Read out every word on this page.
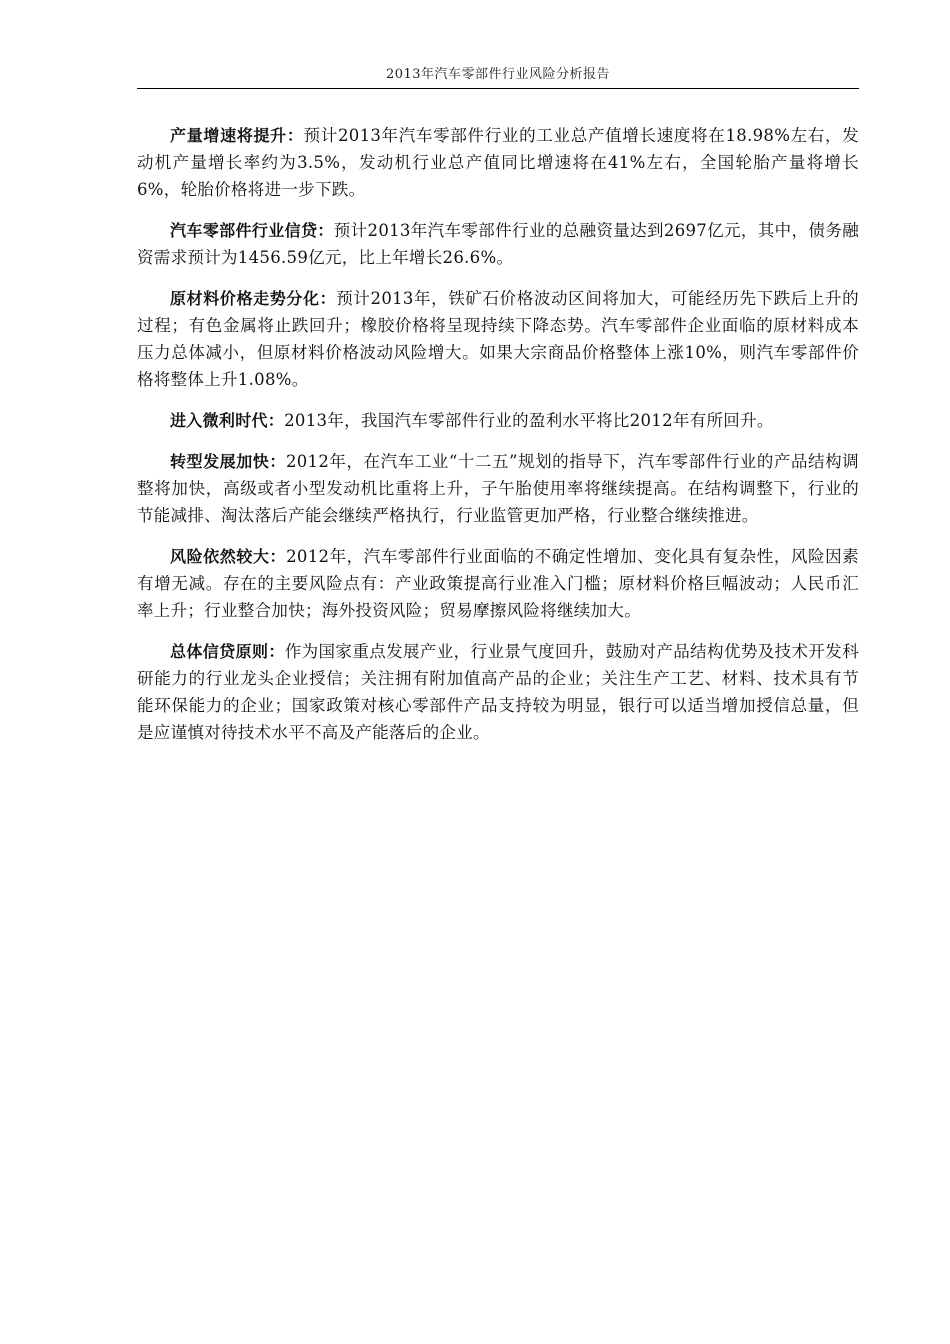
2013年汽车零部件行业风险分析报告

产量增速将提升：预计2013年汽车零部件行业的工业总产值增长速度将在18.98%左右，发动机产量增长率约为3.5%，发动机行业总产值同比增速将在41%左右，全国轮胎产量将增长6%，轮胎价格将进一步下跌。

汽车零部件行业信贷：预计2013年汽车零部件行业的总融资量达到2697亿元，其中，债务融资需求预计为1456.59亿元，比上年增长26.6%。

原材料价格走势分化：预计2013年，铁矿石价格波动区间将加大，可能经历先下跌后上升的过程；有色金属将止跌回升；橡胶价格将呈现持续下降态势。汽车零部件企业面临的原材料成本压力总体减小，但原材料价格波动风险增大。如果大宗商品价格整体上涨10%，则汽车零部件价格将整体上升1.08%。

进入微利时代：2013年，我国汽车零部件行业的盈利水平将比2012年有所回升。

转型发展加快：2012年，在汽车工业“十二五”规划的指导下，汽车零部件行业的产品结构调整将加快，高级或者小型发动机比重将上升，子午胎使用率将继续提高。在结构调整下，行业的节能减排、淘汰落后产能会继续严格执行，行业监管更加严格，行业整合继续推进。

风险依然较大：2012年，汽车零部件行业面临的不确定性增加、变化具有复杂性，风险因素有增无减。存在的主要风险点有：产业政策提高行业准入门槛；原材料价格巨幅波动；人民币汇率上升；行业整合加快；海外投资风险；贸易摩擦风险将继续加大。

总体信贷原则：作为国家重点发展产业，行业景气度回升，鼓励对产品结构优势及技术开发科研能力的行业龙头企业授信；关注拥有附加值高产品的企业；关注生产工艺、材料、技术具有节能环保能力的企业；国家政策对核心零部件产品支持较为明显，银行可以适当增加授信总量，但是应谨慎对待技术水平不高及产能落后的企业。
